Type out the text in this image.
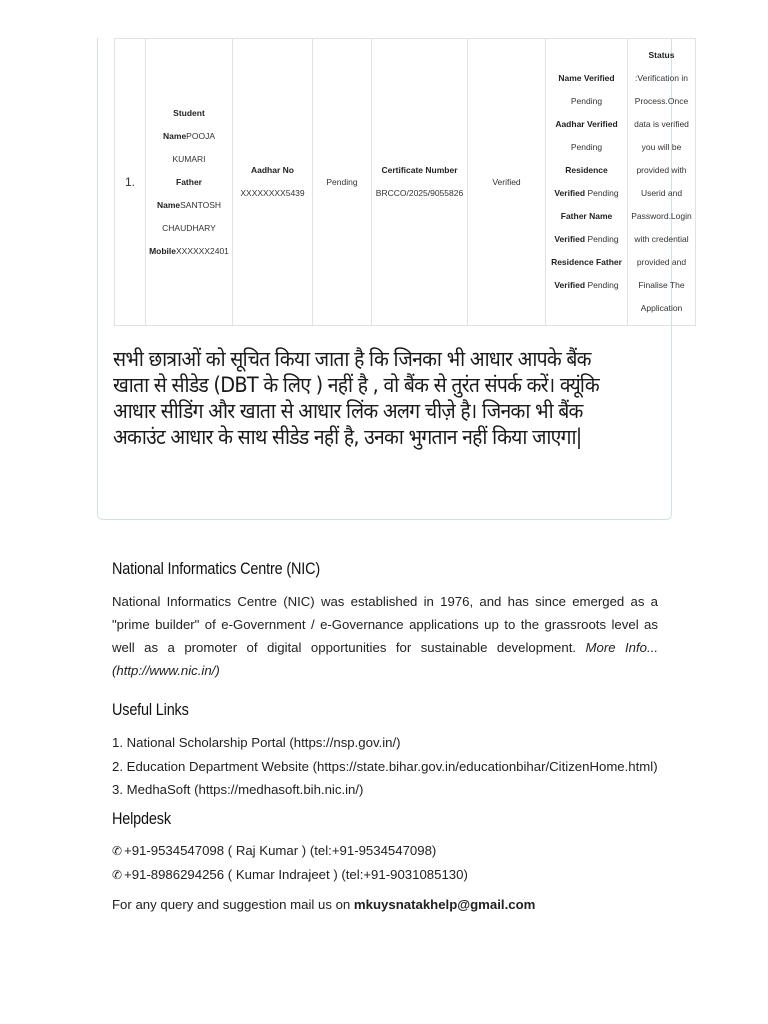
1.	Student NamePOOJA KUMARI
Father NameSANTOSH CHAUDHARY
MobileXXXXXX2401	Aadhar No
XXXXXXXX5439	Pending	Certificate Number
BRCCO/2025/9055826	Verified	Name Verified
Pending
Aadhar Verified
Pending
Residence Verified Pending
Father Name Verified Pending
Residence Father Verified Pending	Status
:Verification in Process.Once data is verified you will be provided with Userid and Password.Login with credential provided and Finalise The Application
सभी छात्राओं को सूचित किया जाता है कि जिनका भी आधार आपके बैंक खाता से सीडेड (DBT के लिए ) नहीं है , वो बैंक से तुरंत संपर्क करें। क्यूंकि आधार सीडिंग और खाता से आधार लिंक अलग चीज़े है। जिनका भी बैंक अकाउंट आधार के साथ सीडेड नहीं है, उनका भुगतान नहीं किया जाएगा|
National Informatics Centre (NIC)
National Informatics Centre (NIC) was established in 1976, and has since emerged as a "prime builder" of e-Government / e-Governance applications up to the grassroots level as well as a promoter of digital opportunities for sustainable development. More Info... (http://www.nic.in/)
Useful Links
1. National Scholarship Portal (https://nsp.gov.in/)
2. Education Department Website (https://state.bihar.gov.in/educationbihar/CitizenHome.html)
3. MedhaSoft (https://medhasoft.bih.nic.in/)
Helpdesk
✆ +91-9534547098 ( Raj Kumar ) (tel:+91-9534547098)
✆ +91-8986294256 ( Kumar Indrajeet ) (tel:+91-9031085130)
For any query and suggestion mail us on mkuysnatakhelp@gmail.com
